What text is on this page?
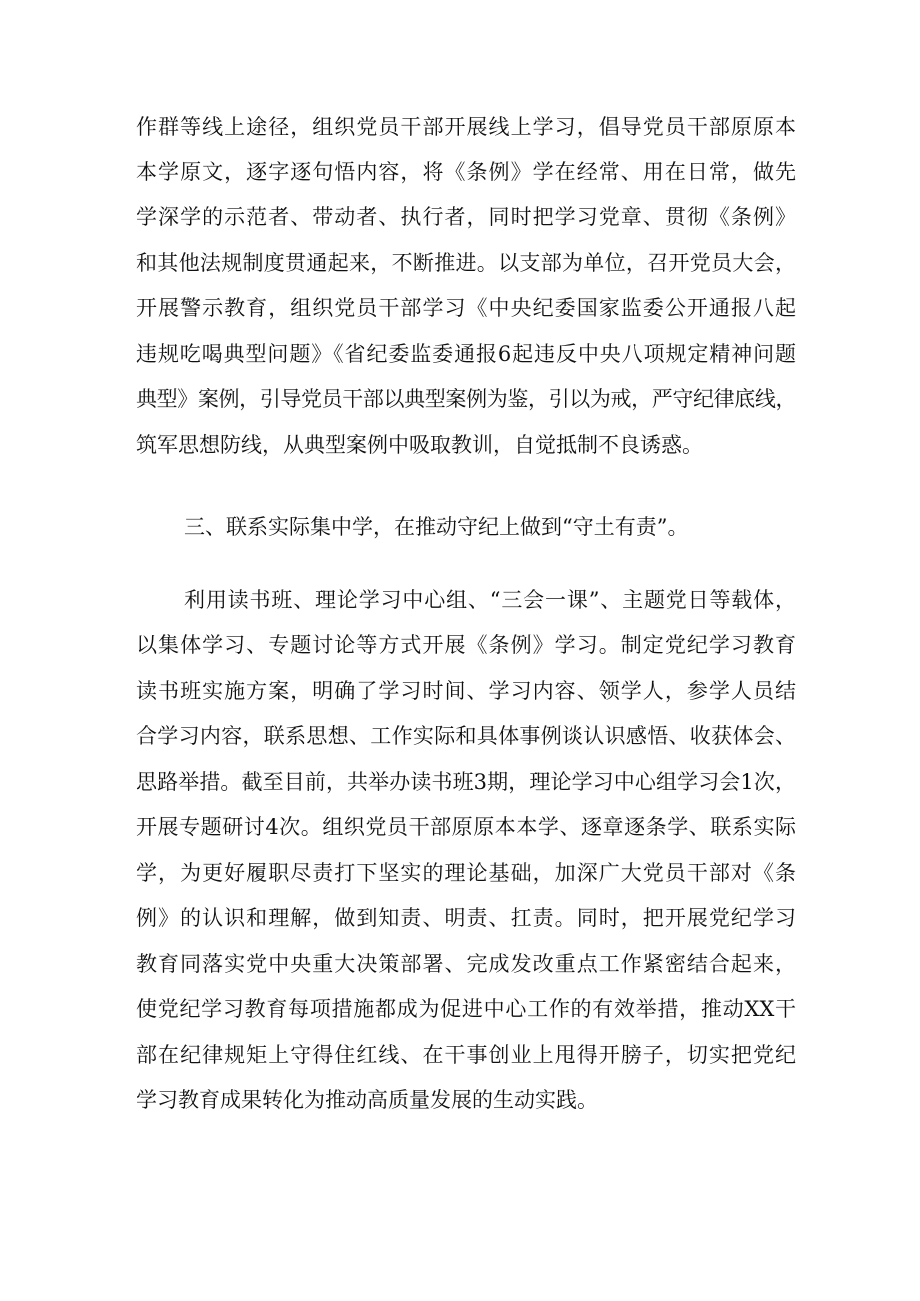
作群等线上途径，组织党员干部开展线上学习，倡导党员干部原原本
本学原文，逐字逐句悟内容，将《条例》学在经常、用在日常，做先
学深学的示范者、带动者、执行者，同时把学习党章、贯彻《条例》
和其他法规制度贯通起来，不断推进。以支部为单位，召开党员大会，
开展警示教育，组织党员干部学习《中央纪委国家监委公开通报八起
违规吃喝典型问题》《省纪委监委通报6起违反中央八项规定精神问题
典型》案例，引导党员干部以典型案例为鉴，引以为戒，严守纪律底线，
筑军思想防线，从典型案例中吸取教训，自觉抵制不良诱惑。
三、联系实际集中学，在推动守纪上做到“守土有责”。
利用读书班、理论学习中心组、“三会一课”、主题党日等载体，
以集体学习、专题讨论等方式开展《条例》学习。制定党纪学习教育
读书班实施方案，明确了学习时间、学习内容、领学人，参学人员结
合学习内容，联系思想、工作实际和具体事例谈认识感悟、收获体会、
思路举措。截至目前，共举办读书班3期，理论学习中心组学习会1次，
开展专题研讨4次。组织党员干部原原本本学、逐章逐条学、联系实际
学，为更好履职尽责打下坚实的理论基础，加深广大党员干部对《条
例》的认识和理解，做到知责、明责、扛责。同时，把开展党纪学习
教育同落实党中央重大决策部署、完成发改重点工作紧密结合起来，
使党纪学习教育每项措施都成为促进中心工作的有效举措，推动XX干
部在纪律规矩上守得住红线、在干事创业上甩得开膀子，切实把党纪
学习教育成果转化为推动高质量发展的生动实践。
